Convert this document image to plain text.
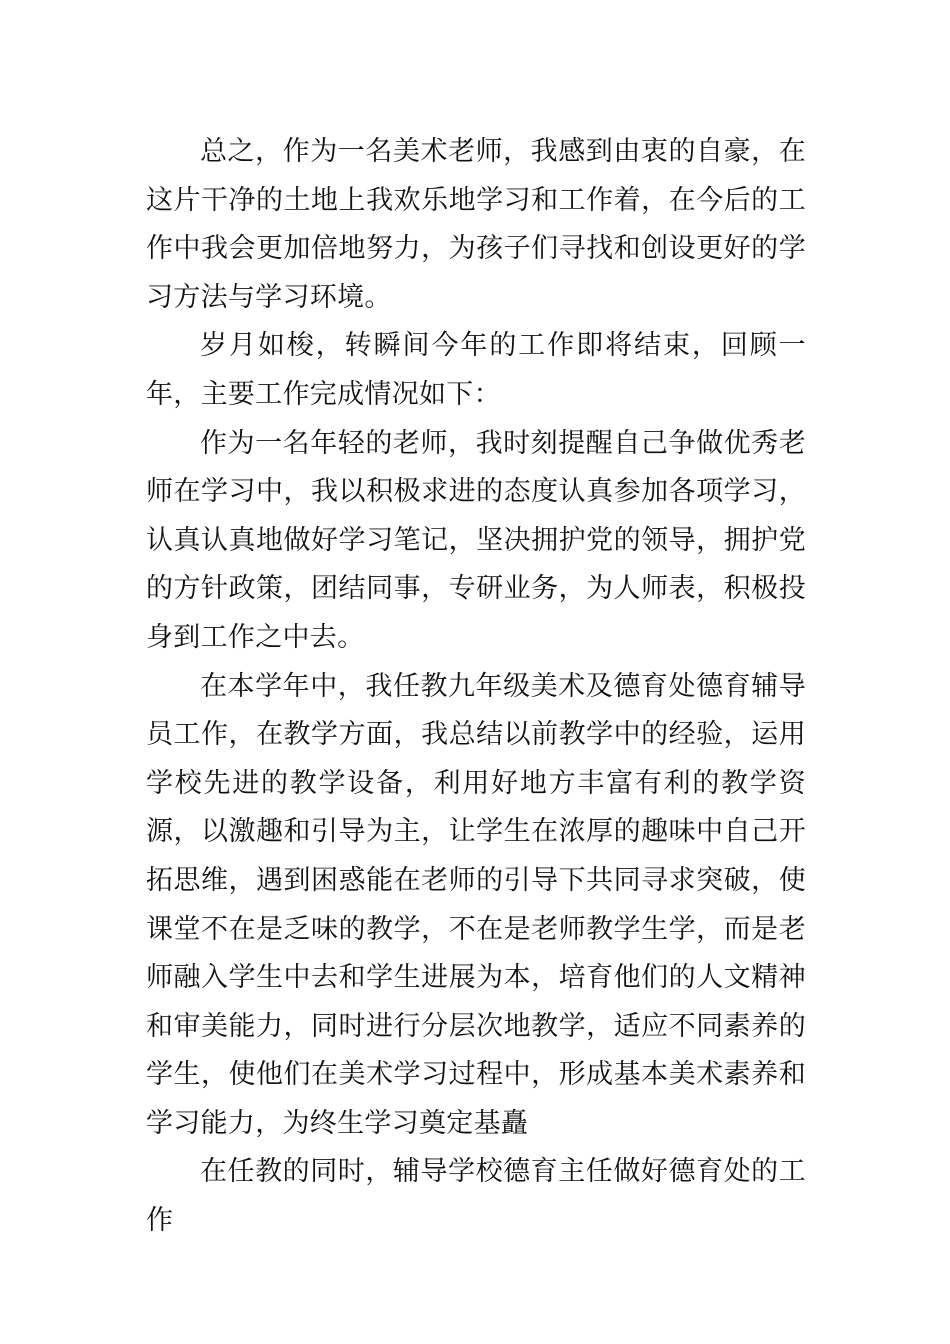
总之，作为一名美术老师，我感到由衷的自豪，在这片干净的土地上我欢乐地学习和工作着，在今后的工作中我会更加倍地努力，为孩子们寻找和创设更好的学习方法与学习环境。

岁月如梭，转瞬间今年的工作即将结束，回顾一年，主要工作完成情况如下：

作为一名年轻的老师，我时刻提醒自己争做优秀老师在学习中，我以积极求进的态度认真参加各项学习，认真认真地做好学习笔记，坚决拥护党的领导，拥护党的方针政策，团结同事，专研业务，为人师表，积极投身到工作之中去。

在本学年中，我任教九年级美术及德育处德育辅导员工作，在教学方面，我总结以前教学中的经验，运用学校先进的教学设备，利用好地方丰富有利的教学资源，以激趣和引导为主，让学生在浓厚的趣味中自己开拓思维，遇到困惑能在老师的引导下共同寻求突破，使课堂不在是乏味的教学，不在是老师教学生学，而是老师融入学生中去和学生进展为本，培育他们的人文精神和审美能力，同时进行分层次地教学，适应不同素养的学生，使他们在美术学习过程中，形成基本美术素养和学习能力，为终生学习奠定基矗

在任教的同时，辅导学校德育主任做好德育处的工作
